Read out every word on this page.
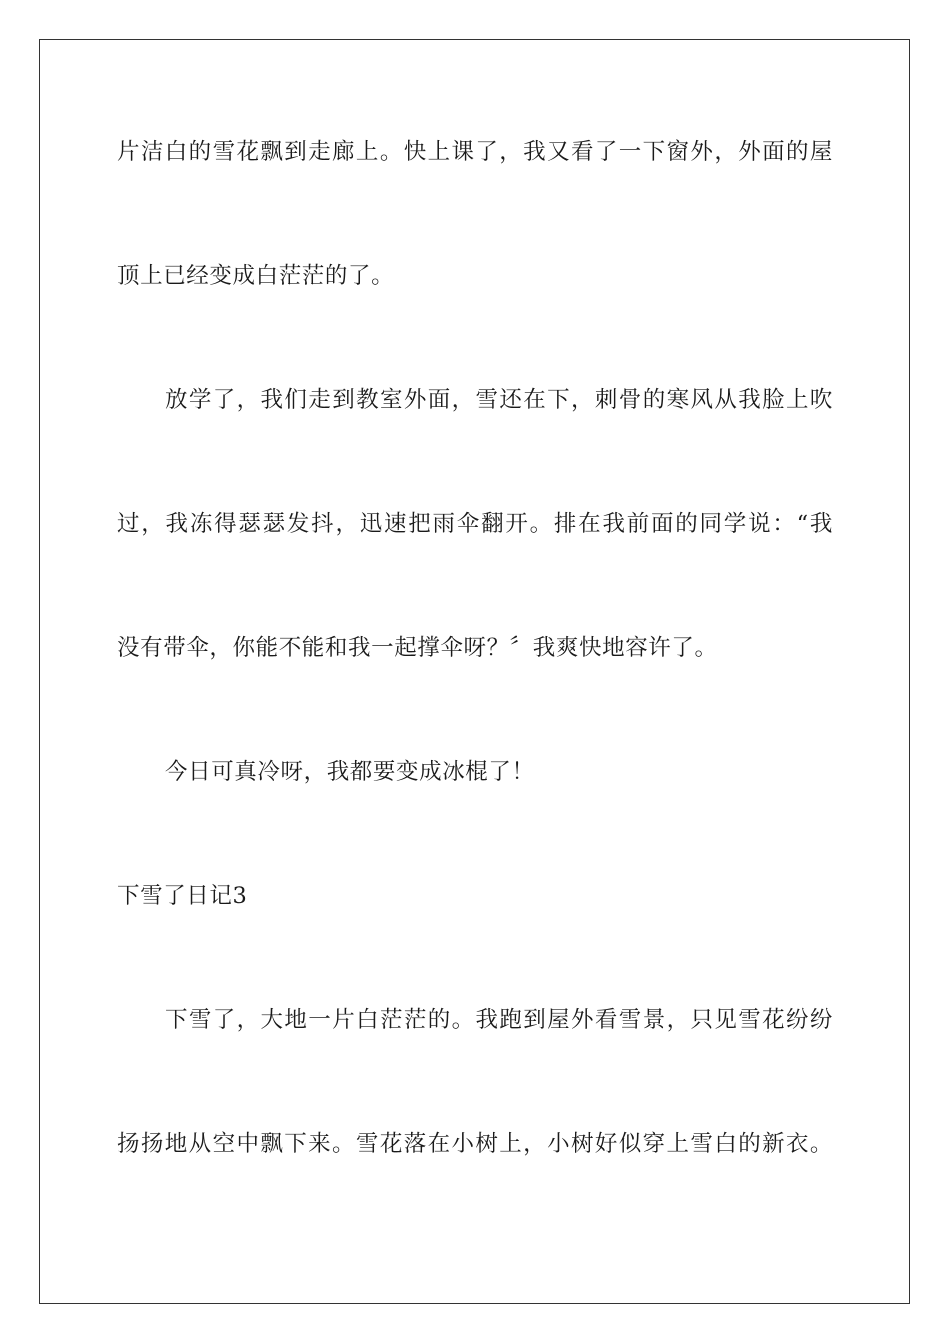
片洁白的雪花飘到走廊上。快上课了，我又看了一下窗外，外面的屋
顶上已经变成白茫茫的了。
放学了，我们走到教室外面，雪还在下，刺骨的寒风从我脸上吹
过，我冻得瑟瑟发抖，迅速把雨伞翻开。排在我前面的同学说：“我
没有带伞，你能不能和我一起撑伞呀？〞我爽快地容许了。
今日可真冷呀，我都要变成冰棍了！
下雪了日记3
下雪了，大地一片白茫茫的。我跑到屋外看雪景，只见雪花纷纷
扬扬地从空中飘下来。雪花落在小树上，小树好似穿上雪白的新衣。
